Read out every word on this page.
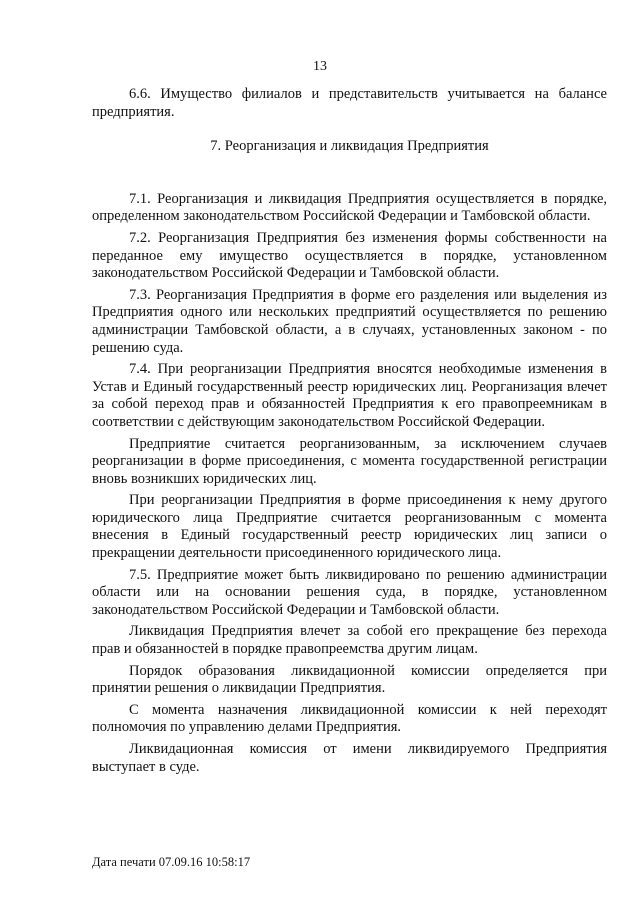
13

6.6. Имущество филиалов и представительств учитывается на балансе предприятия.

7. Реорганизация и ликвидация Предприятия

7.1. Реорганизация и ликвидация Предприятия осуществляется в порядке, определенном законодательством Российской Федерации и Тамбовской области.

7.2. Реорганизация Предприятия без изменения формы собственности на переданное ему имущество осуществляется в порядке, установленном законодательством Российской Федерации и Тамбовской области.

7.3. Реорганизация Предприятия в форме его разделения или выделения из Предприятия одного или нескольких предприятий осуществляется по решению администрации Тамбовской области, а в случаях, установленных законом - по решению суда.

7.4. При реорганизации Предприятия вносятся необходимые изменения в Устав и Единый государственный реестр юридических лиц. Реорганизация влечет за собой переход прав и обязанностей Предприятия к его правопреемникам в соответствии с действующим законодательством Российской Федерации.

Предприятие считается реорганизованным, за исключением случаев реорганизации в форме присоединения, с момента государственной регистрации вновь возникших юридических лиц.

При реорганизации Предприятия в форме присоединения к нему другого юридического лица Предприятие считается реорганизованным с момента внесения в Единый государственный реестр юридических лиц записи о прекращении деятельности присоединенного юридического лица.

7.5. Предприятие может быть ликвидировано по решению администрации области или на основании решения суда, в порядке, установленном законодательством Российской Федерации и Тамбовской области.

Ликвидация Предприятия влечет за собой его прекращение без перехода прав и обязанностей в порядке правопреемства другим лицам.

Порядок образования ликвидационной комиссии определяется при принятии решения о ликвидации Предприятия.

С момента назначения ликвидационной комиссии к ней переходят полномочия по управлению делами Предприятия.

Ликвидационная комиссия от имени ликвидируемого Предприятия выступает в суде.

Дата печати 07.09.16 10:58:17
